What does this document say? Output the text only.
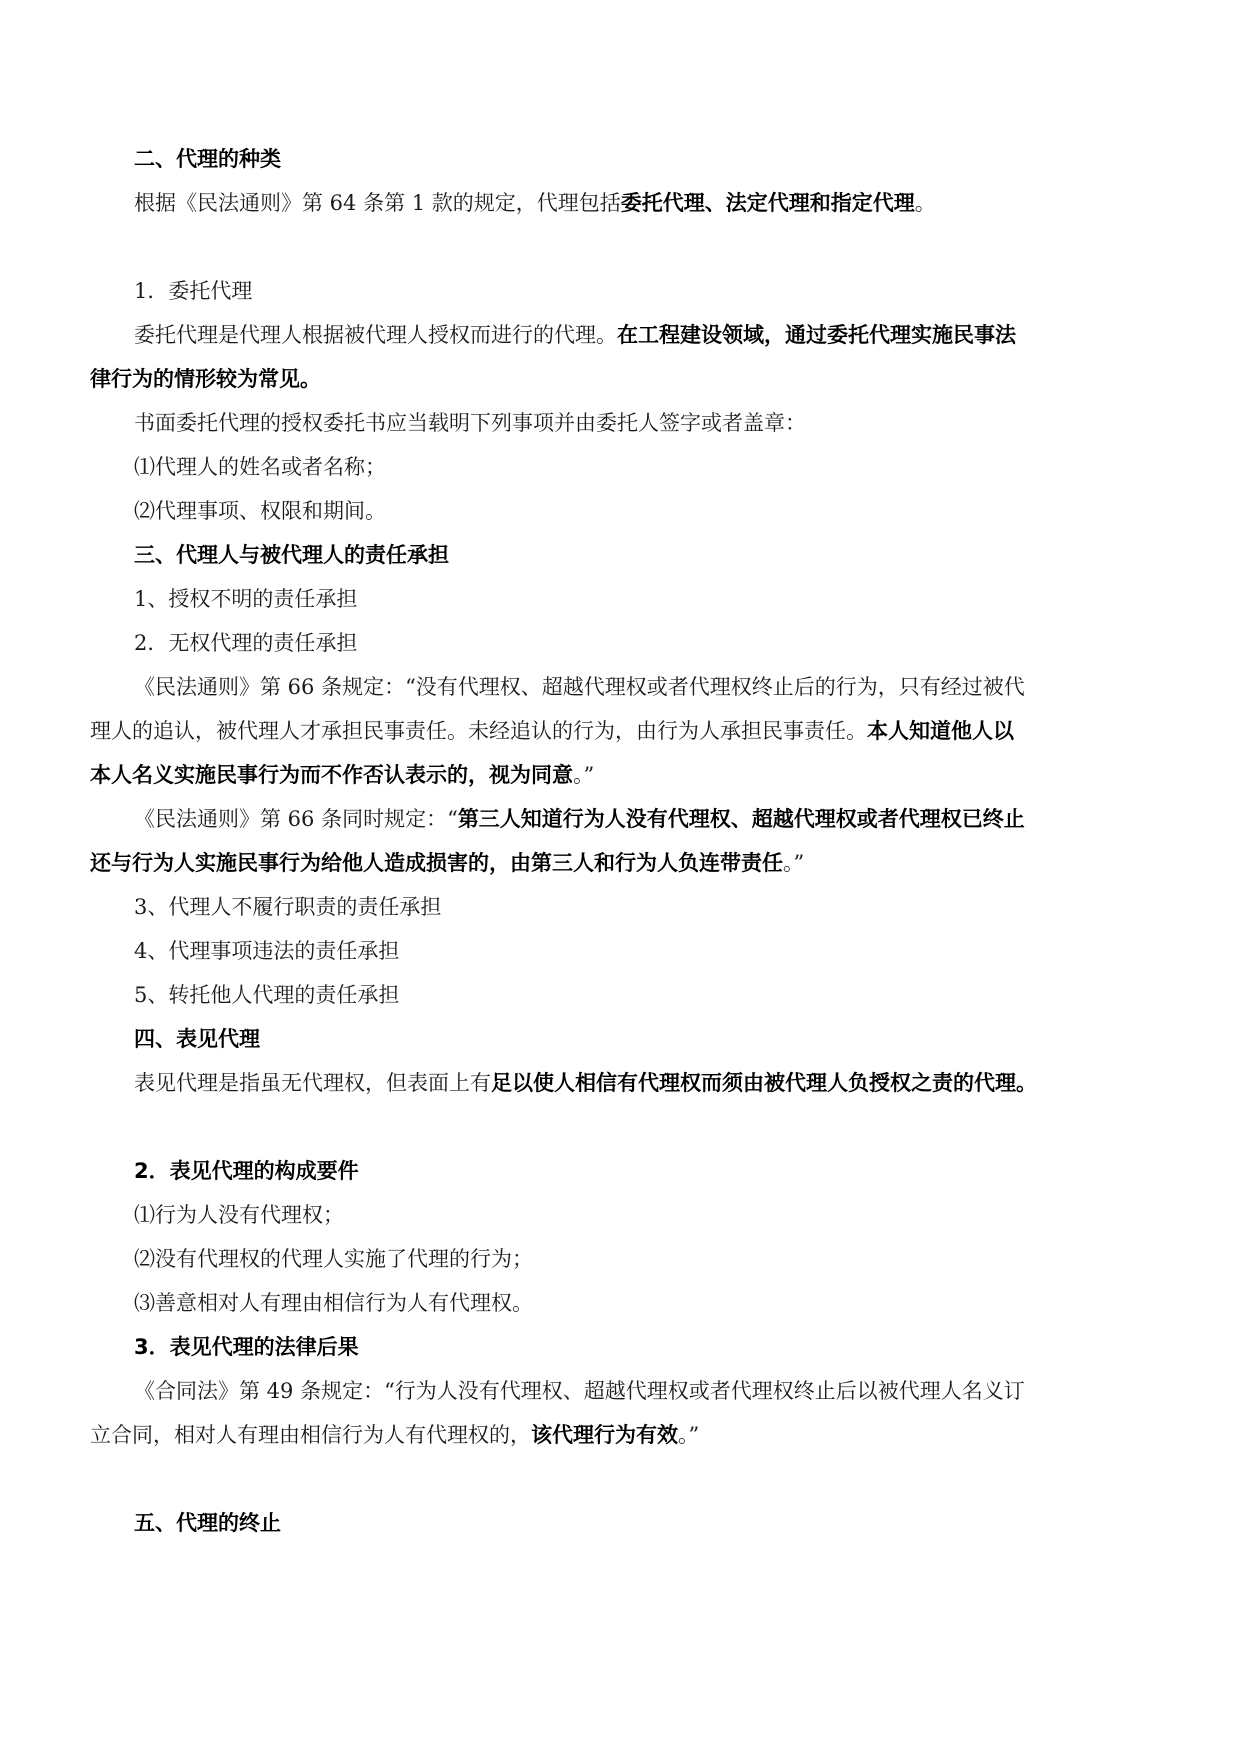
二、代理的种类
根据《民法通则》第 64 条第 1 款的规定，代理包括委托代理、法定代理和指定代理。
1．委托代理
委托代理是代理人根据被代理人授权而进行的代理。在工程建设领域，通过委托代理实施民事法
律行为的情形较为常见。
书面委托代理的授权委托书应当载明下列事项并由委托人签字或者盖章：
⑴代理人的姓名或者名称；
⑵代理事项、权限和期间。
三、代理人与被代理人的责任承担
1、授权不明的责任承担
2．无权代理的责任承担
《民法通则》第 66 条规定：“没有代理权、超越代理权或者代理权终止后的行为，只有经过被代
理人的追认，被代理人才承担民事责任。未经追认的行为，由行为人承担民事责任。本人知道他人以
本人名义实施民事行为而不作否认表示的，视为同意。”
《民法通则》第 66 条同时规定：“第三人知道行为人没有代理权、超越代理权或者代理权已终止
还与行为人实施民事行为给他人造成损害的，由第三人和行为人负连带责任。”
3、代理人不履行职责的责任承担
4、代理事项违法的责任承担
5、转托他人代理的责任承担
四、表见代理
表见代理是指虽无代理权，但表面上有足以使人相信有代理权而须由被代理人负授权之责的代理。
2．表见代理的构成要件
⑴行为人没有代理权；
⑵没有代理权的代理人实施了代理的行为；
⑶善意相对人有理由相信行为人有代理权。
3．表见代理的法律后果
《合同法》第 49 条规定：“行为人没有代理权、超越代理权或者代理权终止后以被代理人名义订
立合同，相对人有理由相信行为人有代理权的，该代理行为有效。”
五、代理的终止
